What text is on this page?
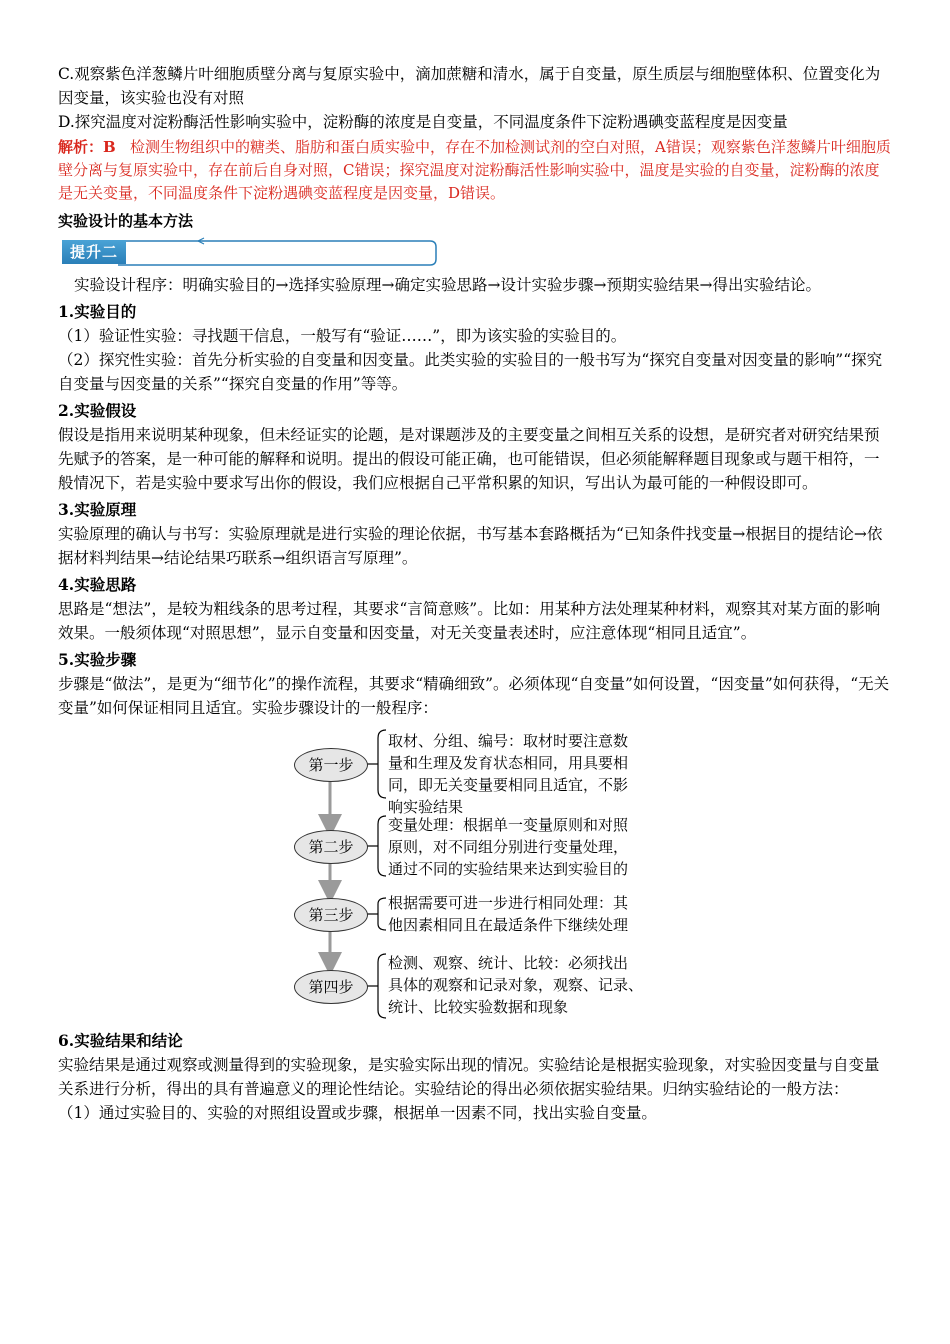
C.观察紫色洋葱鳞片叶细胞质壁分离与复原实验中，滴加蔗糖和清水，属于自变量，原生质层与细胞壁体积、位置变化为因变量，该实验也没有对照

D.探究温度对淀粉酶活性影响实验中，淀粉酶的浓度是自变量，不同温度条件下淀粉遇碘变蓝程度是因变量

解析：B 检测生物组织中的糖类、脂肪和蛋白质实验中，存在不加检测试剂的空白对照，A错误；观察紫色洋葱鳞片叶细胞质壁分离与复原实验中，存在前后自身对照，C错误；探究温度对淀粉酶活性影响实验中，温度是实验的自变量，淀粉酶的浓度是无关变量，不同温度条件下淀粉遇碘变蓝程度是因变量，D错误。

实验设计的基本方法

提升二

实验设计程序：明确实验目的→选择实验原理→确定实验思路→设计实验步骤→预期实验结果→得出实验结论。

1.实验目的

（1）验证性实验：寻找题干信息，一般写有“验证……”，即为该实验的实验目的。

（2）探究性实验：首先分析实验的自变量和因变量。此类实验的实验目的一般书写为“探究自变量对因变量的影响”“探究自变量与因变量的关系”“探究自变量的作用”等等。

2.实验假设

假设是指用来说明某种现象，但未经证实的论题，是对课题涉及的主要变量之间相互关系的设想，是研究者对研究结果预先赋予的答案，是一种可能的解释和说明。提出的假设可能正确，也可能错误，但必须能解释题目现象或与题干相符，一般情况下，若是实验中要求写出你的假设，我们应根据自己平常积累的知识，写出认为最可能的一种假设即可。

3.实验原理

实验原理的确认与书写：实验原理就是进行实验的理论依据，书写基本套路概括为“已知条件找变量→根据目的提结论→依据材料判结果→结论结果巧联系→组织语言写原理”。

4.实验思路

思路是“想法”，是较为粗线条的思考过程，其要求“言简意赅”。比如：用某种方法处理某种材料，观察其对某方面的影响效果。一般须体现“对照思想”，显示自变量和因变量，对无关变量表述时，应注意体现“相同且适宜”。

5.实验步骤

步骤是“做法”，是更为“细节化”的操作流程，其要求“精确细致”。必须体现“自变量”如何设置，“因变量”如何获得，“无关变量”如何保证相同且适宜。实验步骤设计的一般程序：

第一步
取材、分组、编号：取材时要注意数
量和生理及发育状态相同，用具要相
同，即无关变量要相同且适宜，不影
响实验结果
第二步
变量处理：根据单一变量原则和对照
原则，对不同组分别进行变量处理，
通过不同的实验结果来达到实验目的
第三步
根据需要可进一步进行相同处理：其
他因素相同且在最适条件下继续处理
第四步
检测、观察、统计、比较：必须找出
具体的观察和记录对象，观察、记录、
统计、比较实验数据和现象

6.实验结果和结论

实验结果是通过观察或测量得到的实验现象，是实验实际出现的情况。实验结论是根据实验现象，对实验因变量与自变量关系进行分析，得出的具有普遍意义的理论性结论。实验结论的得出必须依据实验结果。归纳实验结论的一般方法：

（1）通过实验目的、实验的对照组设置或步骤，根据单一因素不同，找出实验自变量。
